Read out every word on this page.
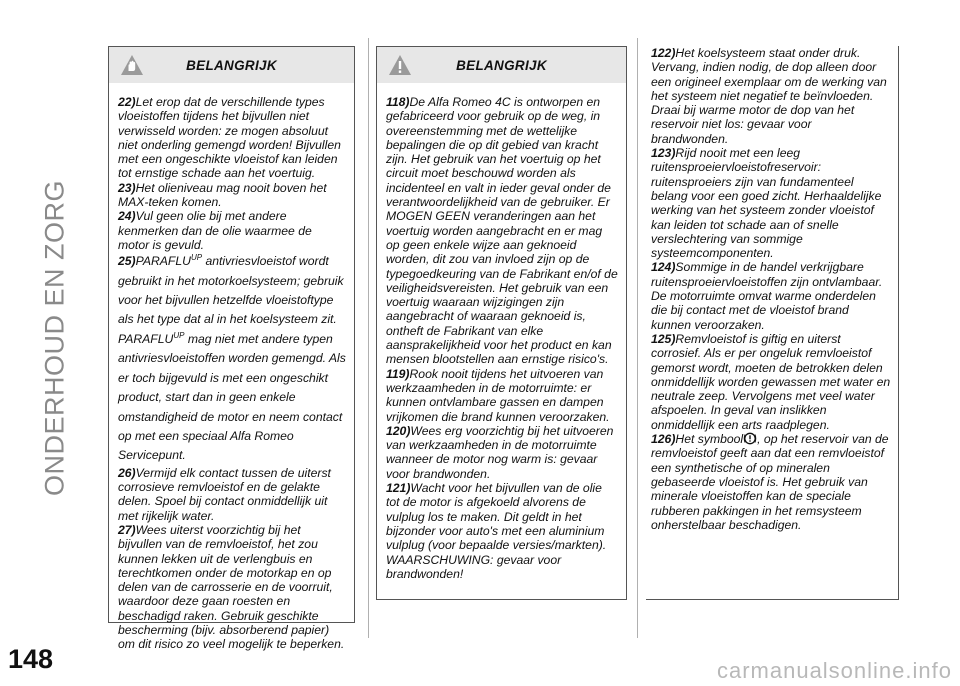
ONDERHOUD EN ZORG
BELANGRIJK

22)Let erop dat de verschillende types vloeistoffen tijdens het bijvullen niet verwisseld worden: ze mogen absoluut niet onderling gemengd worden! Bijvullen met een ongeschikte vloeistof kan leiden tot ernstige schade aan het voertuig.

23)Het olieniveau mag nooit boven het MAX-teken komen.

24)Vul geen olie bij met andere kenmerken dan de olie waarmee de motor is gevuld.

$25)PARAFLU^{UP}$ antivriesvloeistof wordt gebruikt in het motorkoelsysteem; gebruik voor het bijvullen hetzelfde vloeistoftype als het type dat al in het koelsysteem zit. $PARAFLU^{UP}$ mag niet met andere typen antivriesvloeistoffen worden gemengd. Als er toch bijgevuld is met een ongeschikt product, start dan in geen enkele omstandigheid de motor en neem contact op met een speciaal Alfa Romeo Servicepunt.

26)Vermijd elk contact tussen de uiterst corrosieve remvloeistof en de gelakte delen. Spoel bij contact onmiddellijk uit met rijkelijk water.

27)Wees uiterst voorzichtig bij het bijvullen van de remvloeistof, het zou kunnen lekken uit de verlengbuis en terechtkomen onder de motorkap en op delen van de carrosserie en de voorruit, waardoor deze gaan roesten en beschadigd raken. Gebruik geschikte bescherming (bijv. absorberend papier) om dit risico zo veel mogelijk te beperken.

BELANGRIJK

118)De Alfa Romeo 4C is ontworpen en gefabriceerd voor gebruik op de weg, in overeenstemming met de wettelijke bepalingen die op dit gebied van kracht zijn. Het gebruik van het voertuig op het circuit moet beschouwd worden als incidenteel en valt in ieder geval onder de verantwoordelijkheid van de gebruiker. Er MOGEN GEEN veranderingen aan het voertuig worden aangebracht en er mag op geen enkele wijze aan geknoeid worden, dit zou van invloed zijn op de typegoedkeuring van de Fabrikant en/of de veiligheidsvereisten. Het gebruik van een voertuig waaraan wijzigingen zijn aangebracht of waaraan geknoeid is, ontheft de Fabrikant van elke aansprakelijkheid voor het product en kan mensen blootstellen aan ernstige risico's.

119)Rook nooit tijdens het uitvoeren van werkzaamheden in de motorruimte: er kunnen ontvlambare gassen en dampen vrijkomen die brand kunnen veroorzaken.

120)Wees erg voorzichtig bij het uitvoeren van werkzaamheden in de motorruimte wanneer de motor nog warm is: gevaar voor brandwonden.

121)Wacht voor het bijvullen van de olie tot de motor is afgekoeld alvorens de vulplug los te maken. Dit geldt in het bijzonder voor auto's met een aluminium vulplug (voor bepaalde versies/markten). WAARSCHUWING: gevaar voor brandwonden!

122)Het koelsysteem staat onder druk. Vervang, indien nodig, de dop alleen door een origineel exemplaar om de werking van het systeem niet negatief te beïnvloeden. Draai bij warme motor de dop van het reservoir niet los: gevaar voor brandwonden.

123)Rijd nooit met een leeg ruitensproeiervloeistofreservoir: ruitensproeiers zijn van fundamenteel belang voor een goed zicht. Herhaaldelijke werking van het systeem zonder vloeistof kan leiden tot schade aan of snelle verslechtering van sommige systeemcomponenten.

124)Sommige in de handel verkrijgbare ruitensproeiervloeistoffen zijn ontvlambaar. De motorruimte omvat warme onderdelen die bij contact met de vloeistof brand kunnen veroorzaken.

125)Remvloeistof is giftig en uiterst corrosief. Als er per ongeluk remvloeistof gemorst wordt, moeten de betrokken delen onmiddellijk worden gewassen met water en neutrale zeep. Vervolgens met veel water afspoelen. In geval van inslikken onmiddellijk een arts raadplegen.

126)Het symbool , op het reservoir van de remvloeistof geeft aan dat een remvloeistof een synthetische of op mineralen gebaseerde vloeistof is. Het gebruik van minerale vloeistoffen kan de speciale rubberen pakkingen in het remsysteem onherstelbaar beschadigen.

148	carmanualsonline.info
